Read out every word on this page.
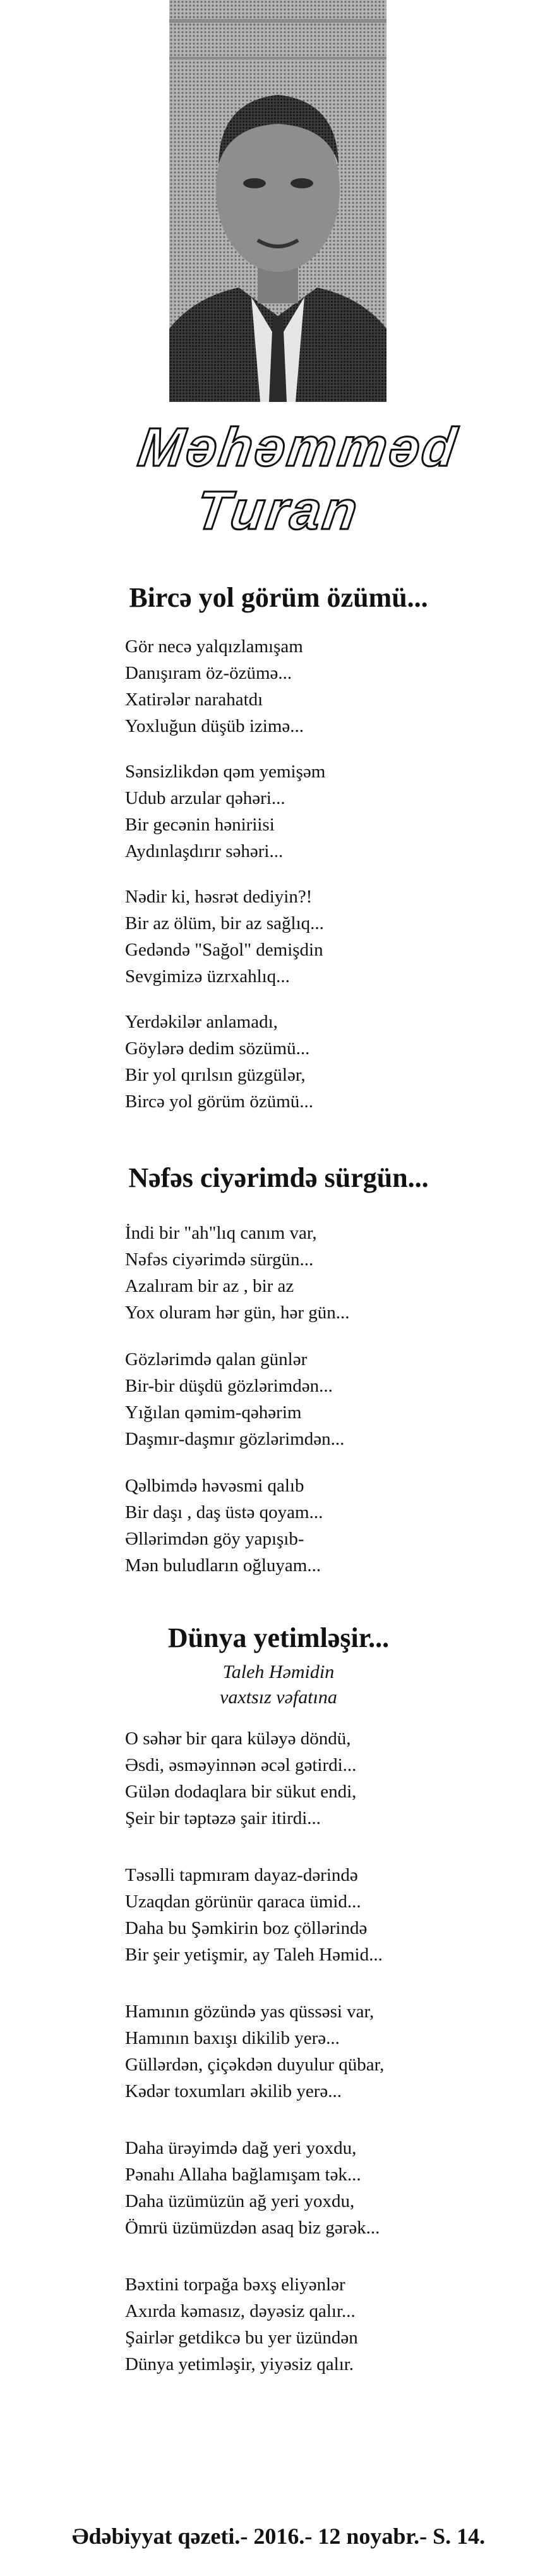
Məhəmməd
Turan
Bircə yol görüm özümü...
Gör necə yalqızlamışam
Danışıram öz-özümə...
Xatirələr narahatdı
Yoxluğun düşüb izimə...
Sənsizlikdən qəm yemişəm
Udub arzular qəhəri...
Bir gecənin həniriisi
Aydınlaşdırır səhəri...
Nədir ki, həsrət dediyin?!
Bir az ölüm, bir az sağlıq...
Gedəndə "Sağol" demişdin
Sevgimizə üzrxahlıq...
Yerdəkilər anlamadı,
Göylərə dedim sözümü...
Bir yol qırılsın güzgülər,
Bircə yol görüm özümü...
Nəfəs ciyərimdə sürgün...
İndi bir "ah"lıq canım var,
Nəfəs ciyərimdə sürgün...
Azalıram bir az , bir az
Yox oluram hər gün, hər gün...
Gözlərimdə qalan günlər
Bir-bir düşdü gözlərimdən...
Yığılan qəmim-qəhərim
Daşmır-daşmır gözlərimdən...
Qəlbimdə həvəsmi qalıb
Bir daşı , daş üstə qoyam...
Əllərimdən göy yapışıb-
Mən buludların oğluyam...
Dünya yetimləşir...
Taleh Həmidin
vaxtsız vəfatına
O səhər bir qara küləyə döndü,
Əsdi, əsməyinnən əcəl gətirdi...
Gülən dodaqlara bir sükut endi,
Şeir bir təptəzə şair itirdi...
Təsəlli tapmıram dayaz-dərində
Uzaqdan görünür qaraca ümid...
Daha bu Şəmkirin boz çöllərində
Bir şeir yetişmir, ay Taleh Həmid...
Hamının gözündə yas qüssəsi var,
Hamının baxışı dikilib yerə...
Güllərdən, çiçəkdən duyulur qübar,
Kədər toxumları əkilib yerə...
Daha ürəyimdə dağ yeri yoxdu,
Pənahı Allaha bağlamışam tək...
Daha üzümüzün ağ yeri yoxdu,
Ömrü üzümüzdən asaq biz gərək...
Bəxtini torpağa bəxş eliyənlər
Axırda kəmasız, dəyəsiz qalır...
Şairlər getdikcə bu yer üzündən
Dünya yetimləşir, yiyəsiz qalır.
Ədəbiyyat qəzeti.- 2016.- 12 noyabr.- S. 14.
